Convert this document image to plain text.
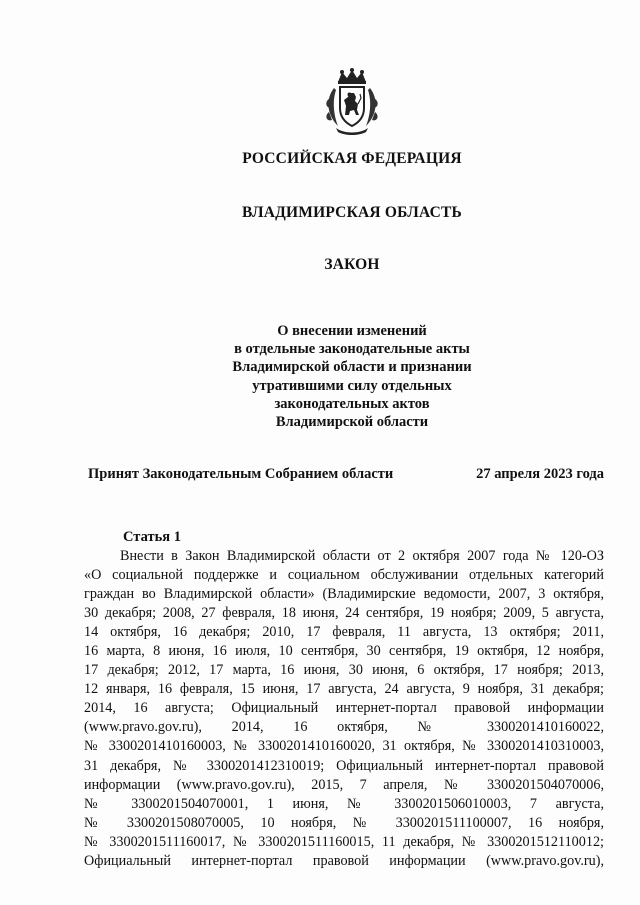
РОССИЙСКАЯ ФЕДЕРАЦИЯ
ВЛАДИМИРСКАЯ ОБЛАСТЬ
ЗАКОН
О внесении изменений
в отдельные законодательные акты
Владимирской области и признании
утратившими силу отдельных
законодательных актов
Владимирской области
Принят Законодательным Собранием области	27 апреля 2023 года
Статья 1
Внести в Закон Владимирской области от 2 октября 2007 года № 120-ОЗ
«О социальной поддержке и социальном обслуживании отдельных категорий
граждан во Владимирской области» (Владимирские ведомости, 2007, 3 октября,
30 декабря; 2008, 27 февраля, 18 июня, 24 сентября, 19 ноября; 2009, 5 августа,
14 октября, 16 декабря; 2010, 17 февраля, 11 августа, 13 октября; 2011,
16 марта, 8 июня, 16 июля, 10 сентября, 30 сентября, 19 октября, 12 ноября,
17 декабря; 2012, 17 марта, 16 июня, 30 июня, 6 октября, 17 ноября; 2013,
12 января, 16 февраля, 15 июня, 17 августа, 24 августа, 9 ноября, 31 декабря;
2014, 16 августа; Официальный интернет-портал правовой информации
(www.pravo.gov.ru), 2014, 16 октября, № 3300201410160022,
№ 3300201410160003, № 3300201410160020, 31 октября, № 3300201410310003,
31 декабря, № 3300201412310019; Официальный интернет-портал правовой
информации (www.pravo.gov.ru), 2015, 7 апреля, № 3300201504070006,
№ 3300201504070001, 1 июня, № 3300201506010003, 7 августа,
№ 3300201508070005, 10 ноября, № 3300201511100007, 16 ноября,
№ 3300201511160017, № 3300201511160015, 11 декабря, № 3300201512110012;
Официальный интернет-портал правовой информации (www.pravo.gov.ru),
